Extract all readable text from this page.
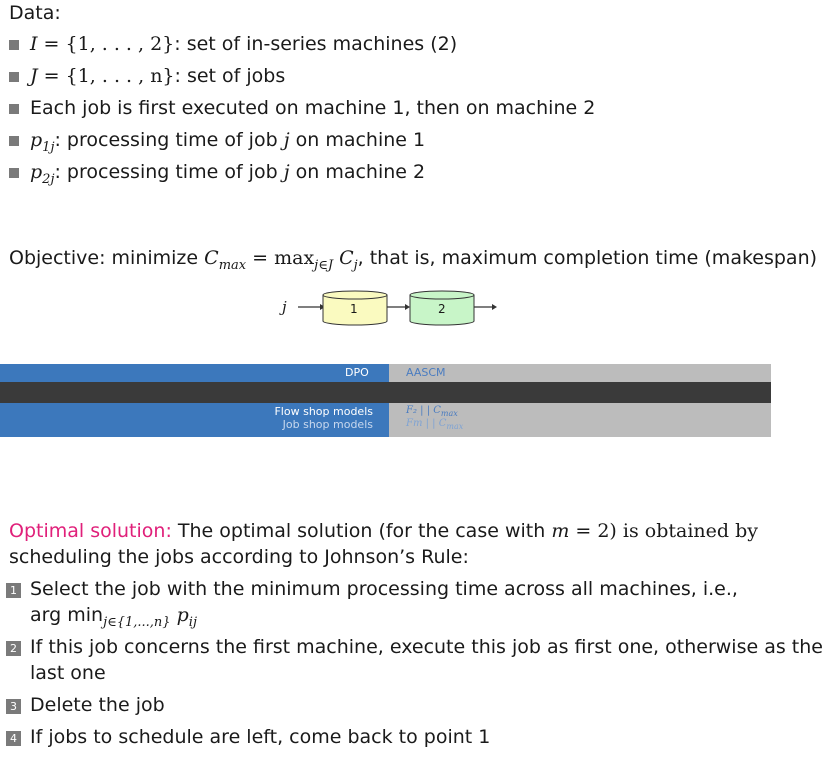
Data:
I = {1, . . . , 2}: set of in-series machines (2)
J = {1, . . . , n}: set of jobs
Each job is first executed on machine 1, then on machine 2
$p_{1j}$: processing time of job j on machine 1
$p_{2j}$: processing time of job j on machine 2
Objective: minimize $C_{max} = \max_{j\in J} C_j$, that is, maximum completion time (makespan)
j	1	2
DPO	AASCM
Flow shop models
Job shop models
F₂ | | $C_{max}$
Fm | | $C_{max}$
Optimal solution: The optimal solution (for the case with m = 2) is obtained by
scheduling the jobs according to Johnson’s Rule:
1 Select the job with the minimum processing time across all machines, i.e.,
arg $\min_{j\in\{1,...,n\}} p_{ij}$
2 If this job concerns the first machine, execute this job as first one, otherwise as the
last one
3 Delete the job
4 If jobs to schedule are left, come back to point 1
